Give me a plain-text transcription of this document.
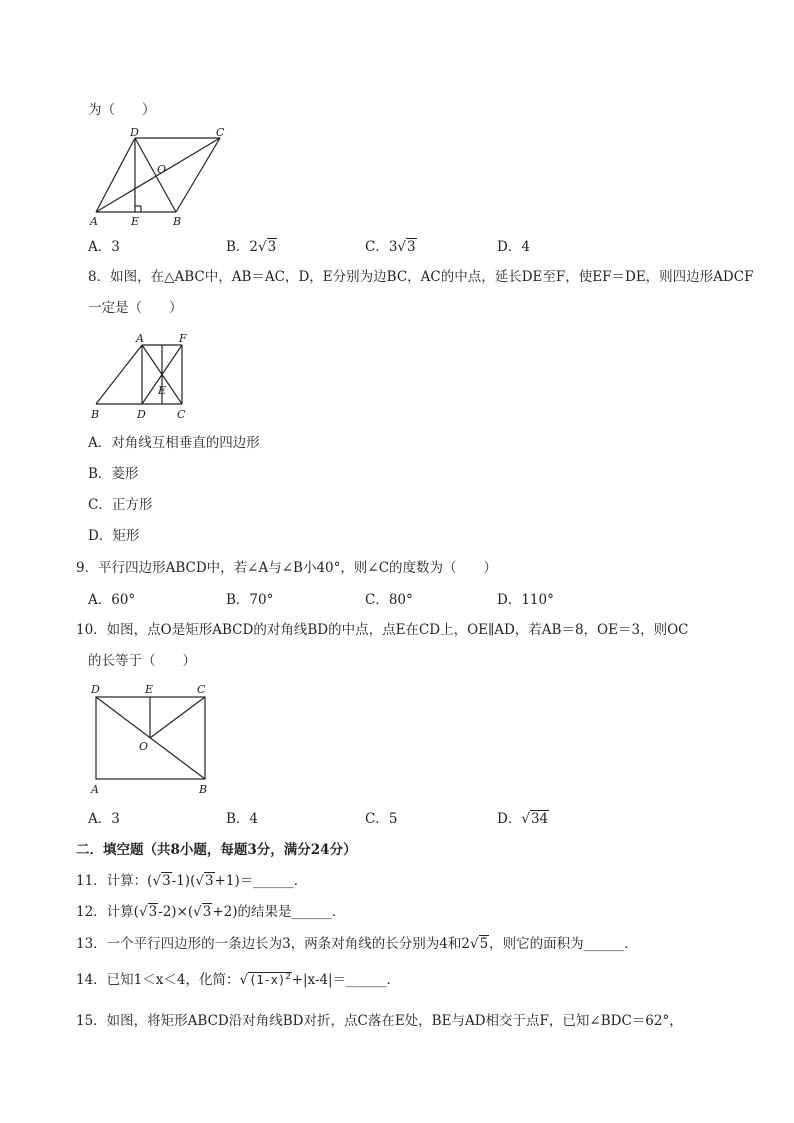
为（　　）
D	C
O
A	E	B
A．3	B．2√3	C．3√3	D．4
8．如图，在△ABC中，AB＝AC，D，E分别为边BC，AC的中点，延长DE至F，使EF＝DE，则四边形ADCF
一定是（　　）
A	F
E
B	D	C
A．对角线互相垂直的四边形
B．菱形
C．正方形
D．矩形
9．平行四边形ABCD中，若∠A与∠B小40°，则∠C的度数为（　　）
A．60°	B．70°	C．80°	D．110°
10．如图，点O是矩形ABCD的对角线BD的中点，点E在CD上，OE∥AD，若AB＝8，OE＝3，则OC
的长等于（　　）
D	E	C
O
A	B
A．3	B．4	C．5	D．√34
二．填空题（共8小题，每题3分，满分24分）
11．计算：(√3-1)(√3+1)＝______．
12．计算(√3-2)×(√3+2)的结果是______．
13．一个平行四边形的一条边长为3，两条对角线的长分别为4和2√5，则它的面积为______．
14．已知1＜x＜4，化简：$√(1-x)^2+|x-4|=\_\_\_\_\_\_$．
15．如图，将矩形ABCD沿对角线BD对折，点C落在E处，BE与AD相交于点F，已知∠BDC＝62°，
